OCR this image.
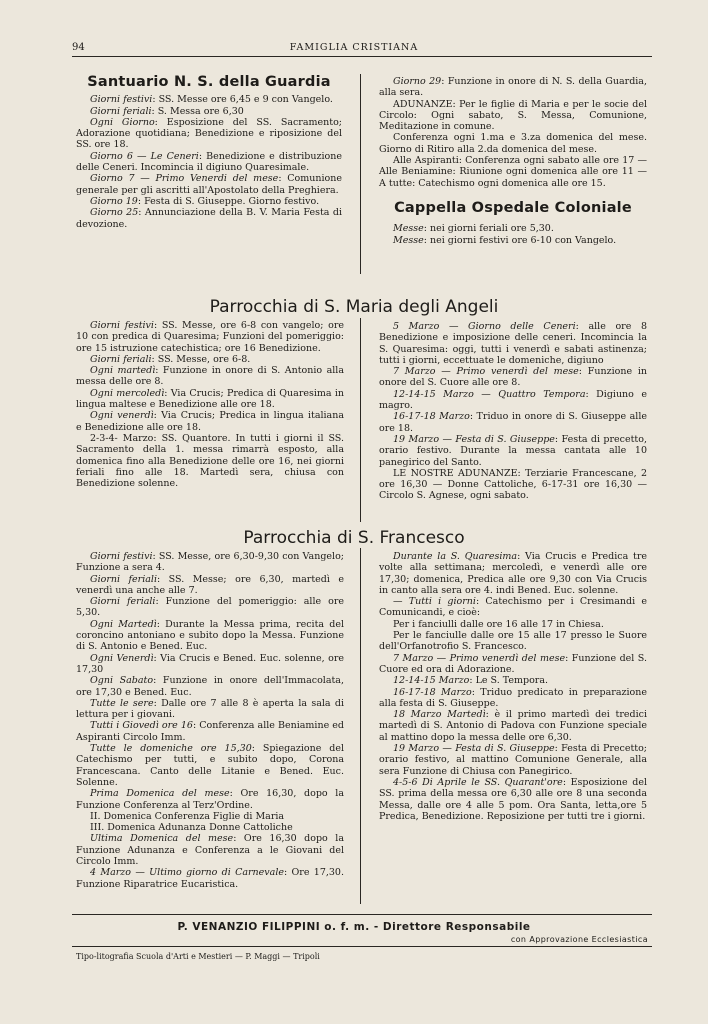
94	FAMIGLIA CRISTIANA
Santuario N. S. della Guardia

Giorni festivi: SS. Messe ore 6,45 e 9 con Vangelo.

Giorni feriali: S. Messa ore 6,30

Ogni Giorno: Esposizione del SS. Sacramento; Adorazione quotidiana; Benedizione e riposizione del SS. ore 18.

Giorno 6 — Le Ceneri: Benedizione e distribuzione delle Ceneri. Incomincia il digiuno Quaresimale.

Giorno 7 — Primo Venerdi del mese: Comunione generale per gli ascritti all'Apostolato della Preghiera.

Giorno 19: Festa di S. Giuseppe. Giorno festivo.

Giorno 25: Annunciazione della B. V. Maria Festa di devozione.

Giorno 29: Funzione in onore di N. S. della Guardia, alla sera.

ADUNANZE: Per le figlie di Maria e per le socie del Circolo: Ogni sabato, S. Messa, Comunione, Meditazione in comune.

Conferenza ogni 1.ma e 3.za domenica del mese. Giorno di Ritiro alla 2.da domenica del mese.

Alle Aspiranti: Conferenza ogni sabato alle ore 17 — Alle Beniamine: Riunione ogni domenica alle ore 11 — A tutte: Catechismo ogni domenica alle ore 15.

Cappella Ospedale Coloniale

Messe: nei giorni feriali ore 5,30.

Messe: nei giorni festivi ore 6-10 con Vangelo.

Parrocchia di S. Maria degli Angeli

Giorni festivi: SS. Messe, ore 6-8 con vangelo; ore 10 con predica di Quaresima; Funzioni del pomeriggio: ore 15 istruzione catechistica; ore 16 Benedizione.

Giorni feriali: SS. Messe, ore 6-8.

Ogni martedì: Funzione in onore di S. Antonio alla messa delle ore 8.

Ogni mercoledì: Via Crucis; Predica di Quaresima in lingua maltese e Benedizione alle ore 18.

Ogni venerdì: Via Crucis; Predica in lingua italiana e Benedizione alle ore 18.

2-3-4- Marzo: SS. Quantore. In tutti i giorni il SS. Sacramento della 1. messa rimarrà esposto, alla domenica fino alla Benedizione delle ore 16, nei giorni feriali fino alle 18. Martedì sera, chiusa con Benedizione solenne.

5 Marzo — Giorno delle Ceneri: alle ore 8 Benedizione e imposizione delle ceneri. Incomincia la S. Quaresima: oggi, tutti i venerdì e sabati astinenza; tutti i giorni, eccettuate le domeniche, digiuno

7 Marzo — Primo venerdì del mese: Funzione in onore del S. Cuore alle ore 8.

12-14-15 Marzo — Quattro Tempora: Digiuno e magro.

16-17-18 Marzo: Triduo in onore di S. Giuseppe alle ore 18.

19 Marzo — Festa di S. Giuseppe: Festa di precetto, orario festivo. Durante la messa cantata alle 10 panegirico del Santo.

LE NOSTRE ADUNANZE: Terziarie Francescane, 2 ore 16,30 — Donne Cattoliche, 6-17-31 ore 16,30 — Circolo S. Agnese, ogni sabato.

Parrocchia di S. Francesco

Giorni festivi: SS. Messe, ore 6,30-9,30 con Vangelo; Funzione a sera 4.

Giorni feriali: SS. Messe; ore 6,30, martedì e venerdì una anche alle 7.

Giorni feriali: Funzione del pomeriggio: alle ore 5,30.

Ogni Martedì: Durante la Messa prima, recita del coroncino antoniano e subito dopo la Messa. Funzione di S. Antonio e Bened. Euc.

Ogni Venerdì: Via Crucis e Bened. Euc. solenne, ore 17,30

Ogni Sabato: Funzione in onore dell'Immacolata, ore 17,30 e Bened. Euc.

Tutte le sere: Dalle ore 7 alle 8 è aperta la sala di lettura per i giovani.

Tutti i Giovedì ore 16: Conferenza alle Beniamine ed Aspiranti Circolo Imm.

Tutte le domeniche ore 15,30: Spiegazione del Catechismo per tutti, e subito dopo, Corona Francescana. Canto delle Litanie e Bened. Euc. Solenne.

Prima Domenica del mese: Ore 16,30, dopo la Funzione Conferenza al Terz'Ordine.

II. Domenica Conferenza Figlie di Maria

III. Domenica Adunanza Donne Cattoliche

Ultima Domenica del mese: Ore 16,30 dopo la Funzione Adunanza e Conferenza a le Giovani del Circolo Imm.

4 Marzo — Ultimo giorno di Carnevale: Ore 17,30. Funzione Riparatrice Eucaristica.

Durante la S. Quaresima: Via Crucis e Predica tre volte alla settimana; mercoledì, e venerdì alle ore 17,30; domenica, Predica alle ore 9,30 con Via Crucis in canto alla sera ore 4. indi Bened. Euc. solenne.

— Tutti i giorni: Catechismo per i Cresimandi e Comunicandi, e cioè:

Per i fanciulli dalle ore 16 alle 17 in Chiesa.

Per le fanciulle dalle ore 15 alle 17 presso le Suore dell'Orfanotrofio S. Francesco.

7 Marzo — Primo venerdì del mese: Funzione del S. Cuore ed ora di Adorazione.

12-14-15 Marzo: Le S. Tempora.

16-17-18 Marzo: Triduo predicato in preparazione alla festa di S. Giuseppe.

18 Marzo Martedì: è il primo martedì dei tredici martedì di S. Antonio di Padova con Funzione speciale al mattino dopo la messa delle ore 6,30.

19 Marzo — Festa di S. Giuseppe: Festa di Precetto; orario festivo, al mattino Comunione Generale, alla sera Funzione di Chiusa con Panegirico.

4-5-6 Di Aprile le SS. Quarant'ore: Esposizione del SS. prima della messa ore 6,30 alle ore 8 una seconda Messa, dalle ore 4 alle 5 pom. Ora Santa, letta,ore 5 Predica, Benedizione. Reposizione per tutti tre i giorni.

P. VENANZIO FILIPPINI o. f. m. - Direttore Responsabile
con Approvazione Ecclesiastica
Tipo-litografia Scuola d'Arti e Mestieri — P. Maggi — Tripoli
